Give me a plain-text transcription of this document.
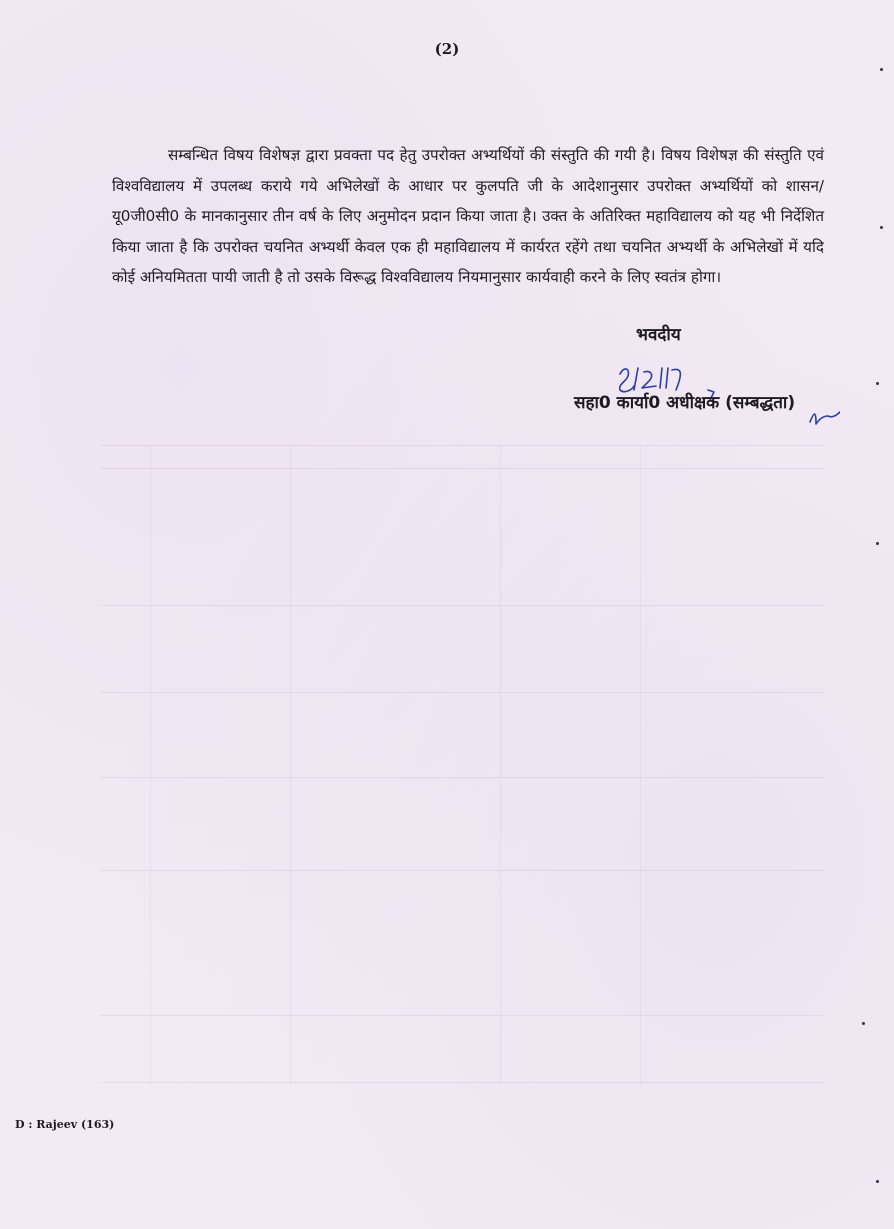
(2)

सम्बन्धित विषय विशेषज्ञ द्वारा प्रवक्ता पद हेतु उपरोक्त अभ्यर्थियों की संस्तुति की गयी है। विषय विशेषज्ञ की संस्तुति एवं विश्वविद्यालय में उपलब्ध कराये गये अभिलेखों के आधार पर कुलपति जी के आदेशानुसार उपरोक्त अभ्यर्थियों को शासन/यू0जी0सी0 के मानकानुसार तीन वर्ष के लिए अनुमोदन प्रदान किया जाता है। उक्त के अतिरिक्त महाविद्यालय को यह भी निर्देशित किया जाता है कि उपरोक्त चयनित अभ्यर्थी केवल एक ही महाविद्यालय में कार्यरत रहेंगे तथा चयनित अभ्यर्थी के अभिलेखों में यदि कोई अनियमितता पायी जाती है तो उसके विरूद्ध विश्वविद्यालय नियमानुसार कार्यवाही करने के लिए स्वतंत्र होगा।

भवदीय
सहा0 कार्या0 अधीक्षक (सम्बद्धता)
D : Rajeev (163)
